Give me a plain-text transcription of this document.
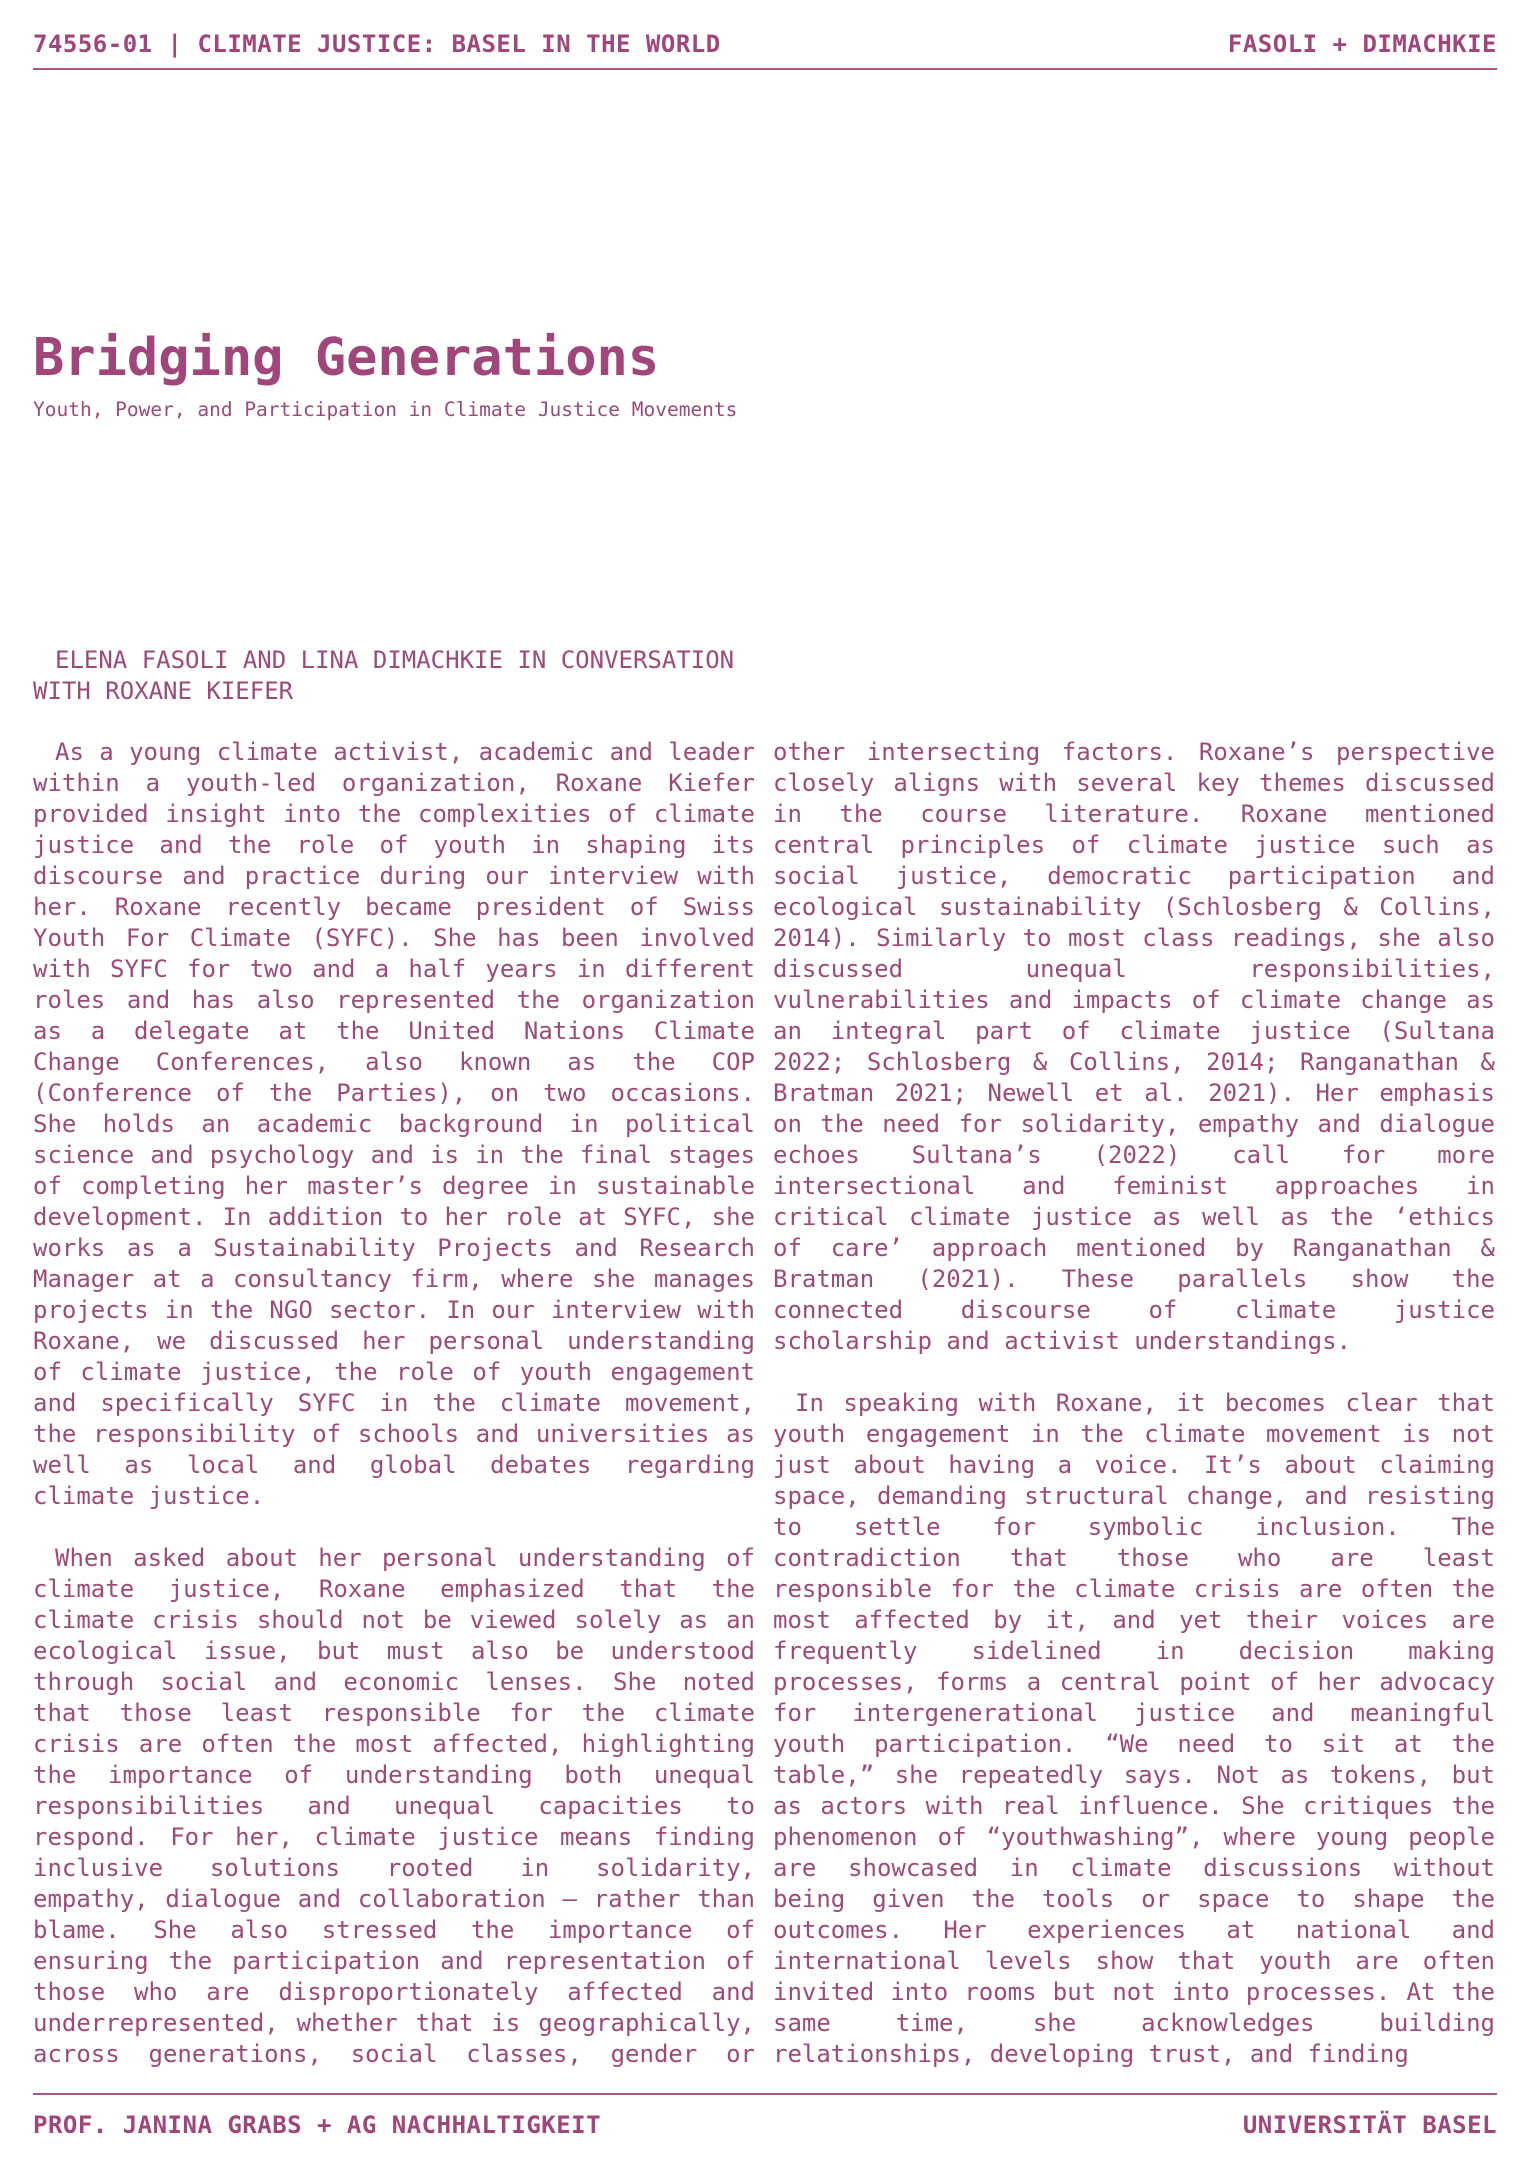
74556-01 | CLIMATE JUSTICE: BASEL IN THE WORLD	FASOLI + DIMACHKIE
Bridging Generations
Youth, Power, and Participation in Climate Justice Movements
ELENA FASOLI AND LINA DIMACHKIE IN CONVERSATION WITH ROXANE KIEFER

As a young climate activist, academic and leader within a youth-led organization, Roxane Kiefer provided insight into the complexities of climate justice and the role of youth in shaping its discourse and practice during our interview with her. Roxane recently became president of Swiss Youth For Climate (SYFC). She has been involved with SYFC for two and a half years in different roles and has also represented the organization as a delegate at the United Nations Climate Change Conferences, also known as the COP (Conference of the Parties), on two occasions. She holds an academic background in political science and psychology and is in the final stages of completing her master’s degree in sustainable development. In addition to her role at SYFC, she works as a Sustainability Projects and Research Manager at a consultancy firm, where she manages projects in the NGO sector. In our interview with Roxane, we discussed her personal understanding of climate justice, the role of youth engagement and specifically SYFC in the climate movement, the responsibility of schools and universities as well as local and global debates regarding climate justice.

When asked about her personal understanding of climate justice, Roxane emphasized that the climate crisis should not be viewed solely as an ecological issue, but must also be understood through social and economic lenses. She noted that those least responsible for the climate crisis are often the most affected, highlighting the importance of understanding both unequal responsibilities and unequal capacities to respond. For her, climate justice means finding inclusive solutions rooted in solidarity, empathy, dialogue and collaboration – rather than blame. She also stressed the importance of ensuring the participation and representation of those who are disproportionately affected and underrepresented, whether that is geographically, across generations, social classes, gender or other intersecting factors. Roxane’s perspective closely aligns with several key themes discussed in the course literature. Roxane mentioned central principles of climate justice such as social justice, democratic participation and ecological sustainability (Schlosberg & Collins, 2014). Similarly to most class readings, she also discussed unequal responsibilities, vulnerabilities and impacts of climate change as an integral part of climate justice (Sultana 2022; Schlosberg & Collins, 2014; Ranganathan & Bratman 2021; Newell et al. 2021). Her emphasis on the need for solidarity, empathy and dialogue echoes Sultana’s (2022) call for more intersectional and feminist approaches in critical climate justice as well as the ‘ethics of care’ approach mentioned by Ranganathan & Bratman (2021). These parallels show the connected discourse of climate justice scholarship and activist understandings.

In speaking with Roxane, it becomes clear that youth engagement in the climate movement is not just about having a voice. It’s about claiming space, demanding structural change, and resisting to settle for symbolic inclusion. The contradiction that those who are least responsible for the climate crisis are often the most affected by it, and yet their voices are frequently sidelined in decision making processes, forms a central point of her advocacy for intergenerational justice and meaningful youth participation. “We need to sit at the table,” she repeatedly says. Not as tokens, but as actors with real influence. She critiques the phenomenon of “youthwashing”, where young people are showcased in climate discussions without being given the tools or space to shape the outcomes. Her experiences at national and international levels show that youth are often invited into rooms but not into processes. At the same time, she acknowledges building relationships, developing trust, and finding

PROF. JANINA GRABS + AG NACHHALTIGKEIT	UNIVERSITÄT BASEL
